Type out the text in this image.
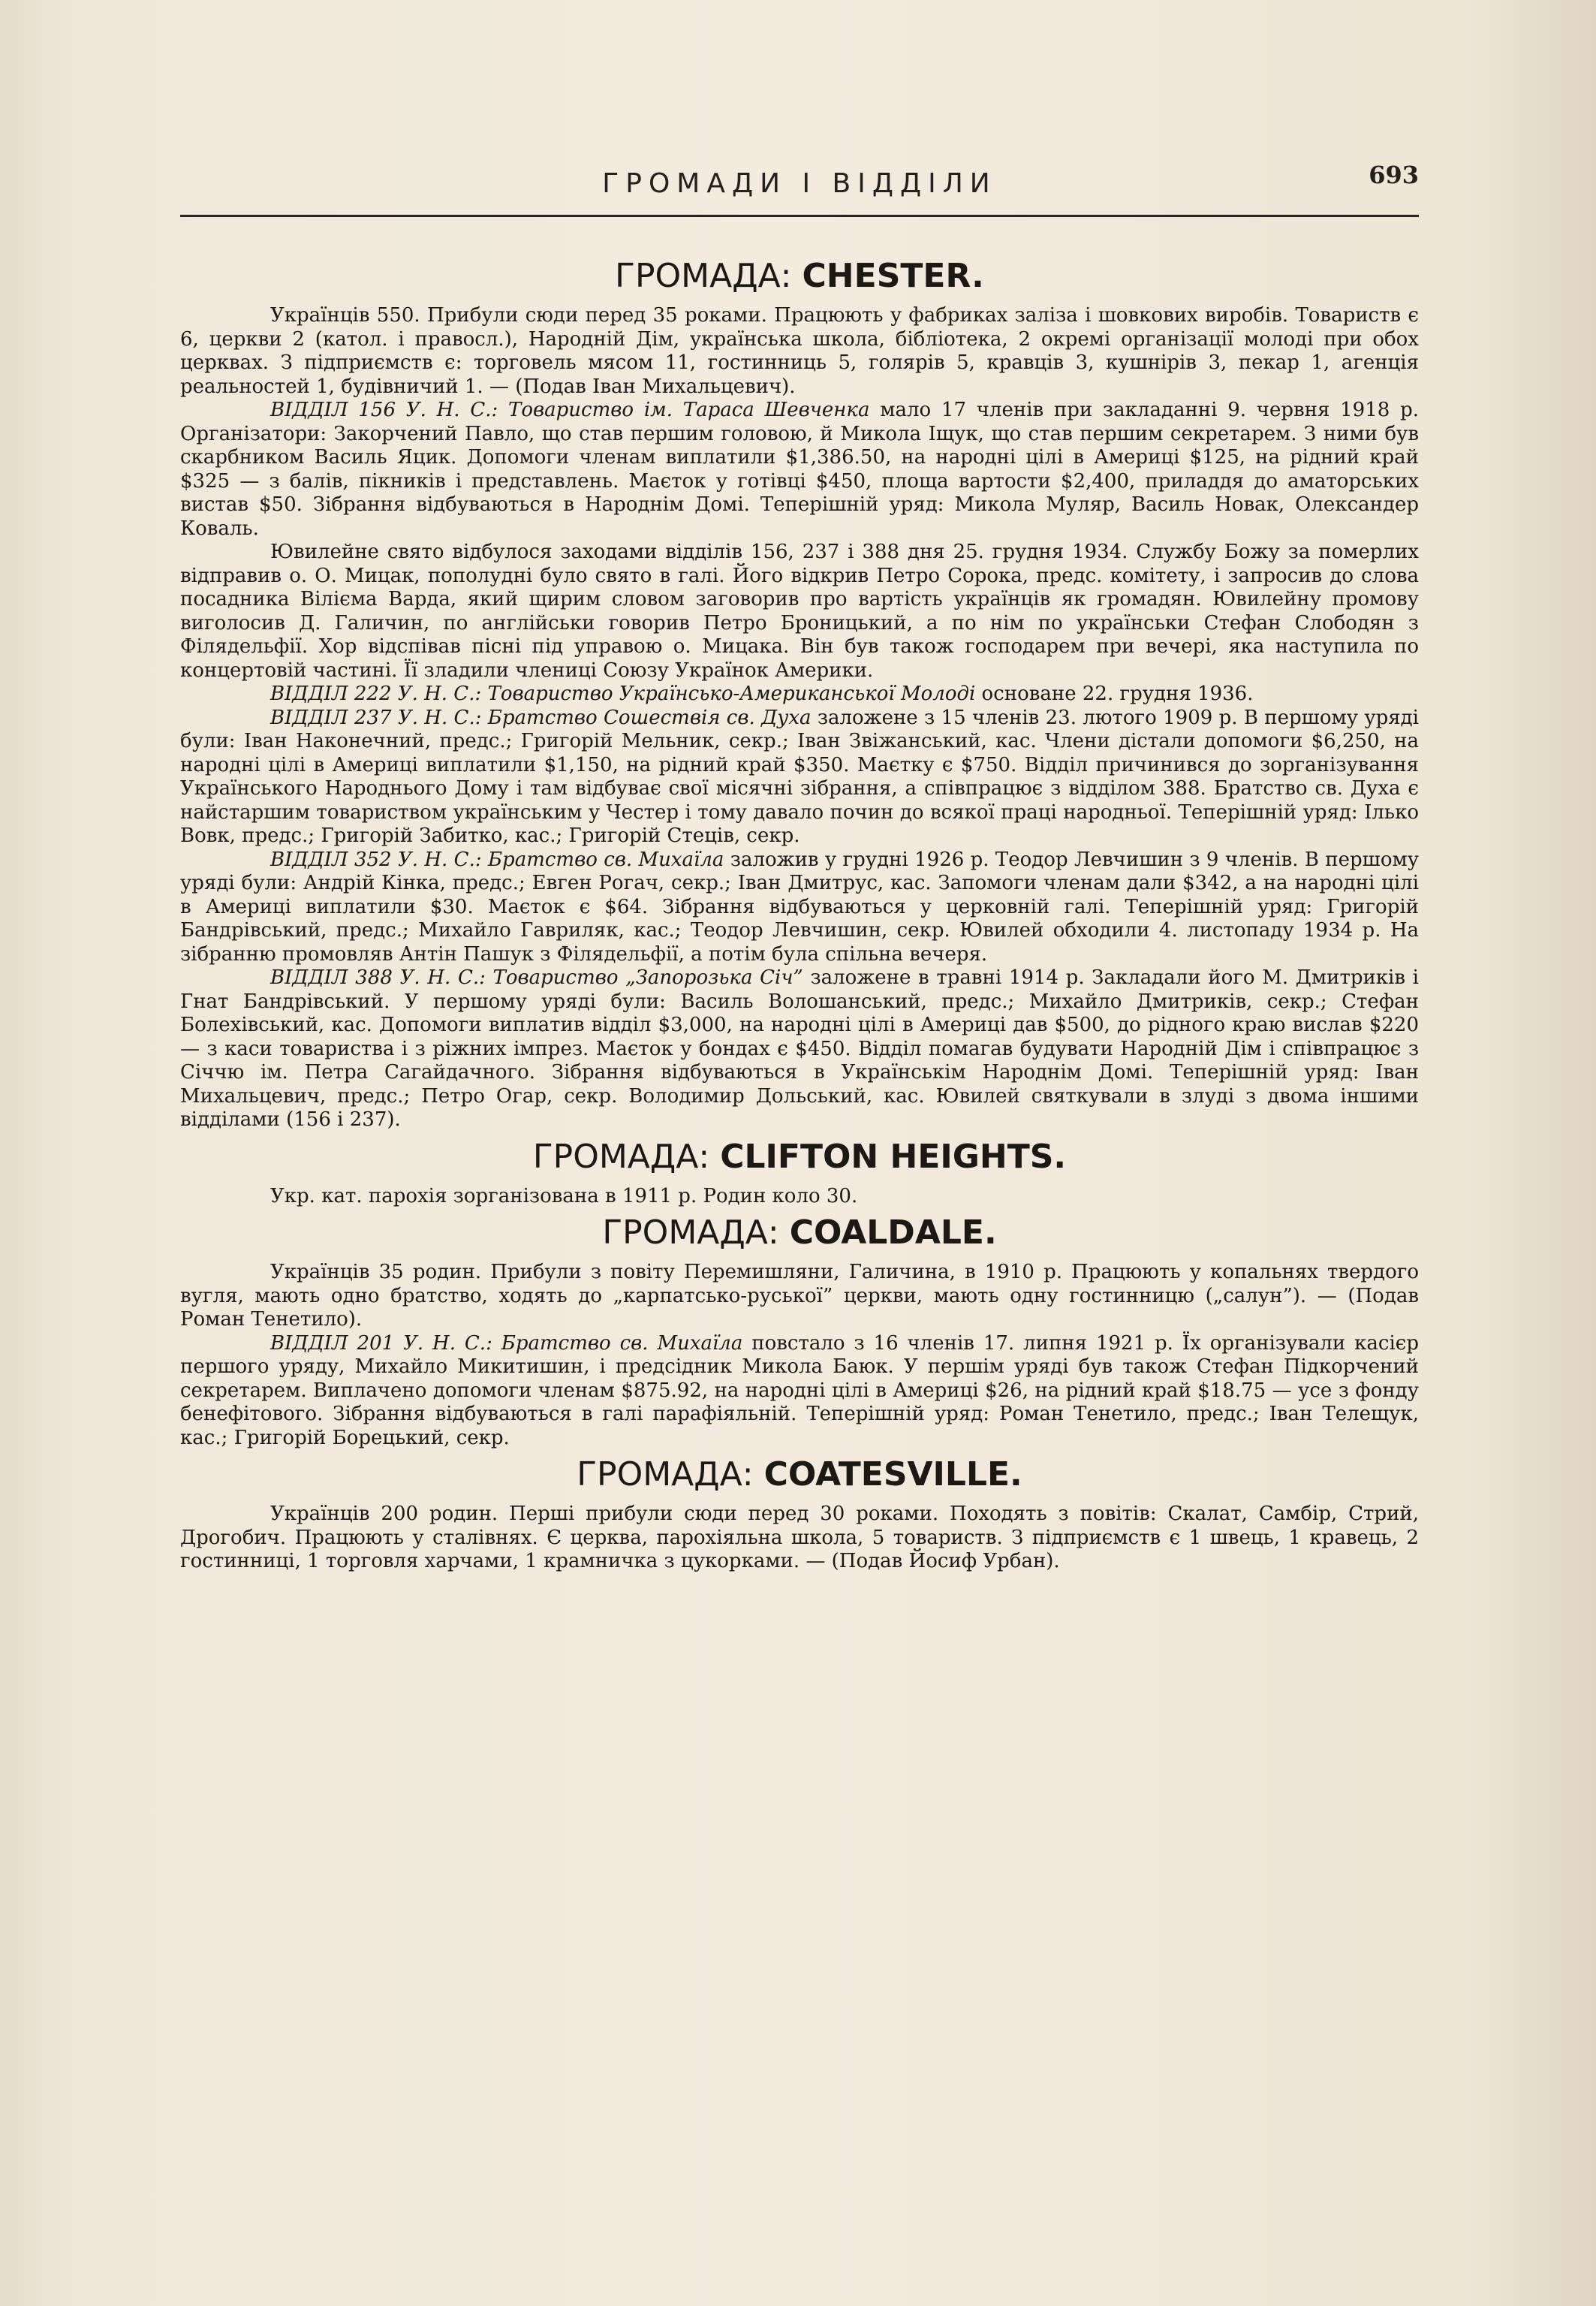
ГРОМАДИ І ВІДДІЛИ	693
ГРОМАДА: CHESTER.

Українців 550. Прибули сюди перед 35 роками. Працюють у фабриках заліза і шовкових виробів. Товариств є 6, церкви 2 (катол. і правосл.), Народній Дім, українська школа, бібліотека, 2 окремі організації молоді при обох церквах. З підприємств є: торговель мясом 11, гостинниць 5, голярів 5, кравців 3, кушнірів 3, пекар 1, агенція реальностей 1, будівничий 1. — (Подав Іван Михальцевич).

ВІДДІЛ 156 У. Н. С.: Товариство ім. Тараса Шевченка мало 17 членів при закладанні 9. червня 1918 р. Організатори: Закорчений Павло, що став першим головою, й Микола Іщук, що став першим секретарем. З ними був скарбником Василь Яцик. Допомоги членам виплатили $1,386.50, на народні цілі в Америці $125, на рідний край $325 — з балів, пікників і представлень. Маєток у готівці $450, площа вартости $2,400, приладдя до аматорських вистав $50. Зібрання відбуваються в Народнім Домі. Теперішній уряд: Микола Муляр, Василь Новак, Олександер Коваль.

Ювилейне свято відбулося заходами відділів 156, 237 і 388 дня 25. грудня 1934. Службу Божу за померлих відправив о. О. Мицак, пополудні було свято в галі. Його відкрив Петро Сорока, предс. комітету, і запросив до слова посадника Вілієма Варда, який щирим словом заговорив про вартість українців як громадян. Ювилейну промову виголосив Д. Галичин, по англійськи говорив Петро Броницький, а по нім по українськи Стефан Слободян з Філядельфії. Хор відспівав пісні під управою о. Мицака. Він був також господарем при вечері, яка наступила по концертовій частині. Її зладили члениці Союзу Українок Америки.

ВІДДІЛ 222 У. Н. С.: Товариство Українсько-Американської Молоді основане 22. грудня 1936.

ВІДДІЛ 237 У. Н. С.: Братство Сошествія св. Духа заложене з 15 членів 23. лютого 1909 р. В першому уряді були: Іван Наконечний, предс.; Григорій Мельник, секр.; Іван Звіжанський, кас. Члени дістали допомоги $6,250, на народні цілі в Америці виплатили $1,150, на рідний край $350. Маєтку є $750. Відділ причинився до зорганізування Українського Народнього Дому і там відбуває свої місячні зібрання, а співпрацює з відділом 388. Братство св. Духа є найстаршим товариством українським у Честер і тому давало почин до всякої праці народньої. Теперішній уряд: Ілько Вовк, предс.; Григорій Забитко, кас.; Григорій Стеців, секр.

ВІДДІЛ 352 У. Н. С.: Братство св. Михаїла заложив у грудні 1926 р. Теодор Левчишин з 9 членів. В першому уряді були: Андрій Кінка, предс.; Евген Рогач, секр.; Іван Дмитрус, кас. Запомоги членам дали $342, а на народні цілі в Америці виплатили $30. Маєток є $64. Зібрання відбуваються у церковній галі. Теперішній уряд: Григорій Бандрівський, предс.; Михайло Гавриляк, кас.; Теодор Левчишин, секр. Ювилей обходили 4. листопаду 1934 р. На зібранню промовляв Антін Пашук з Філядельфії, а потім була спільна вечеря.

ВІДДІЛ 388 У. Н. С.: Товариство „Запорозька Січ” заложене в травні 1914 р. Закладали його М. Дмитриків і Гнат Бандрівський. У першому уряді були: Василь Волошанський, предс.; Михайло Дмитриків, секр.; Стефан Болехівський, кас. Допомоги виплатив відділ $3,000, на народні цілі в Америці дав $500, до рідного краю вислав $220 — з каси товариства і з ріжних імпрез. Маєток у бондах є $450. Відділ помагав будувати Народній Дім і співпрацює з Січчю ім. Петра Сагайдачного. Зібрання відбуваються в Українськім Народнім Домі. Теперішній уряд: Іван Михальцевич, предс.; Петро Огар, секр. Володимир Дольський, кас. Ювилей святкували в злуді з двома іншими відділами (156 і 237).

ГРОМАДА: CLIFTON HEIGHTS.

Укр. кат. парохія зорганізована в 1911 р. Родин коло 30.

ГРОМАДА: COALDALE.

Українців 35 родин. Прибули з повіту Перемишляни, Галичина, в 1910 р. Працюють у копальнях твердого вугля, мають одно братство, ходять до „карпатсько-руської” церкви, мають одну гостинницю („салун”). — (Подав Роман Тенетило).

ВІДДІЛ 201 У. Н. С.: Братство св. Михаїла повстало з 16 членів 17. липня 1921 р. Їх організували касієр першого уряду, Михайло Микитишин, і предсідник Микола Баюк. У першім уряді був також Стефан Підкорчений секретарем. Виплачено допомоги членам $875.92, на народні цілі в Америці $26, на рідний край $18.75 — усе з фонду бенефітового. Зібрання відбуваються в галі парафіяльній. Теперішній уряд: Роман Тенетило, предс.; Іван Телещук, кас.; Григорій Борецький, секр.

ГРОМАДА: COATESVILLE.

Українців 200 родин. Перші прибули сюди перед 30 роками. Походять з повітів: Скалат, Самбір, Стрий, Дрогобич. Працюють у сталівнях. Є церква, парохіяльна школа, 5 товариств. З підприємств є 1 швець, 1 кравець, 2 гостинниці, 1 торговля харчами, 1 крамничка з цукорками. — (Подав Йосиф Урбан).
